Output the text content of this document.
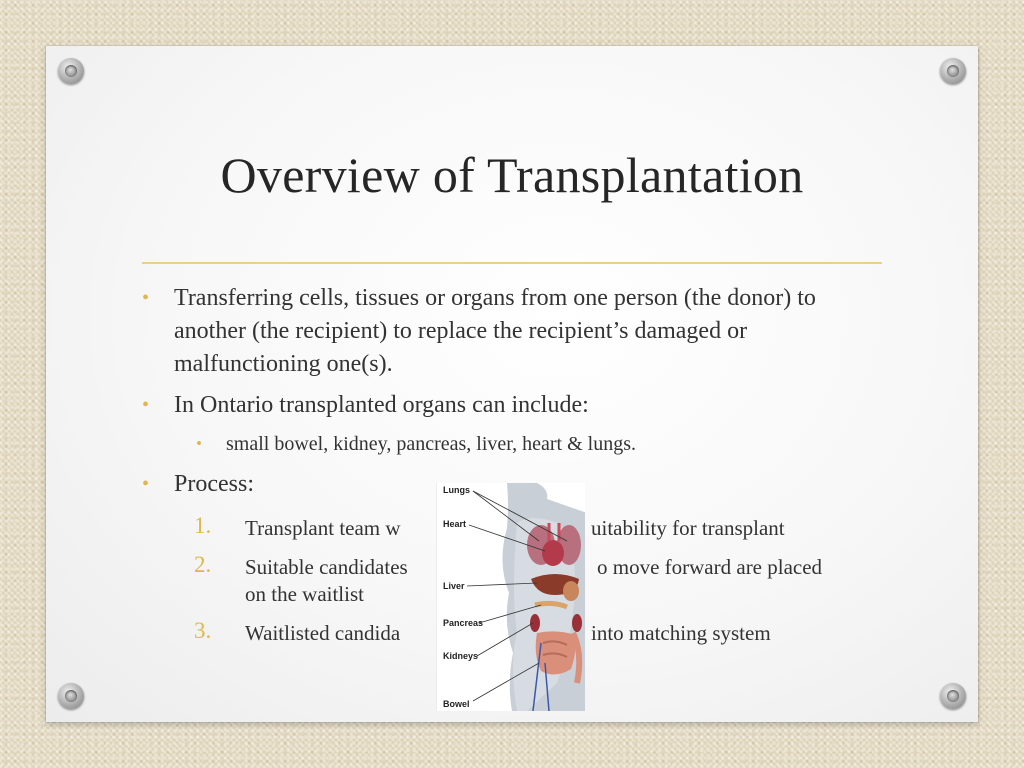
Overview of Transplantation
• Transferring cells, tissues or organs from one person (the donor) to another (the recipient) to replace the recipient’s damaged or malfunctioning one(s).
• In Ontario transplanted organs can include:
• small bowel, kidney, pancreas, liver, heart & lungs.
• Process:
1. Transplant team w	uitability for transplant
2. Suitable candidates	o move forward are placed
on the waitlist
3. Waitlisted candida	into matching system
Lungs
Heart
Liver
Pancreas
Kidneys
Bowel
